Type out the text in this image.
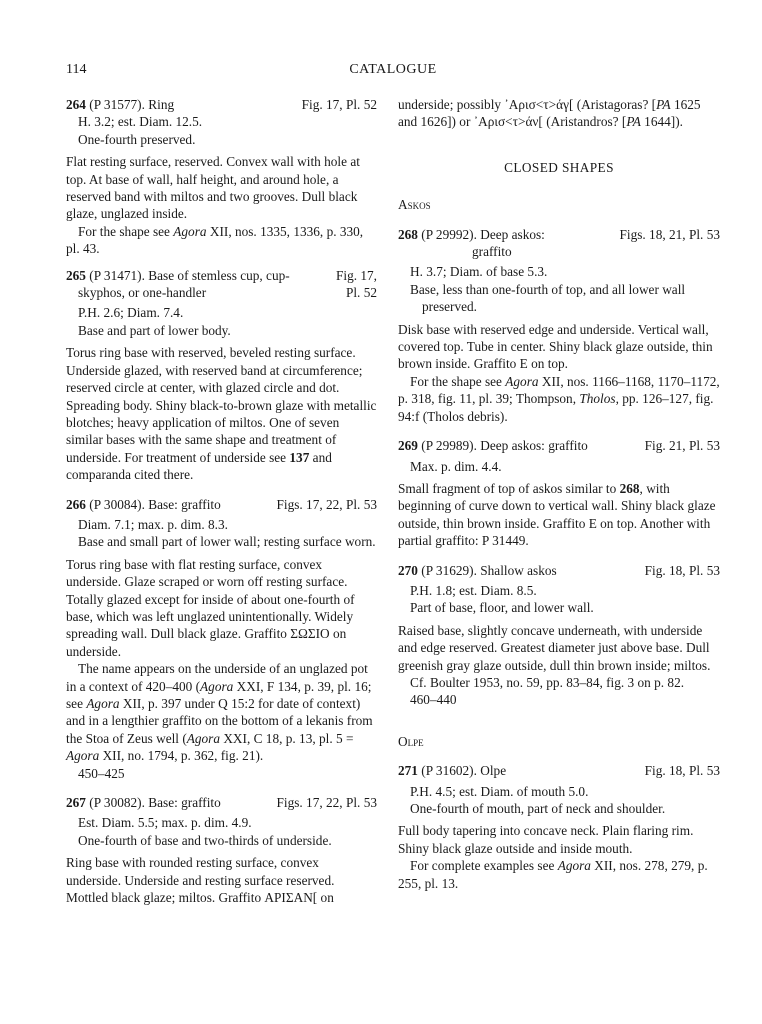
114	CATALOGUE
264 (P 31577). Ring	Fig. 17, Pl. 52

H. 3.2; est. Diam. 12.5.

One-fourth preserved.

Flat resting surface, reserved. Convex wall with hole at top. At base of wall, half height, and around hole, a reserved band with miltos and two grooves. Dull black glaze, unglazed inside.

For the shape see Agora XII, nos. 1335, 1336, p. 330, pl. 43.

265 (P 31471). Base of stemless cup, cup-	Fig. 17,
skyphos, or one-handler	Pl. 52

P.H. 2.6; Diam. 7.4.

Base and part of lower body.

Torus ring base with reserved, beveled resting surface. Underside glazed, with reserved band at circumference; reserved circle at center, with glazed circle and dot. Spreading body. Shiny black-to-brown glaze with metallic blotches; heavy application of miltos. One of seven similar bases with the same shape and treatment of underside. For treatment of underside see 137 and comparanda cited there.

266 (P 30084). Base: graffito	Figs. 17, 22, Pl. 53

Diam. 7.1; max. p. dim. 8.3.

Base and small part of lower wall; resting surface worn.

Torus ring base with flat resting surface, convex underside. Glaze scraped or worn off resting surface. Totally glazed except for inside of about one-fourth of base, which was left unglazed unintentionally. Widely spreading wall. Dull black glaze. Graffito ΣΩΣΙΟ on underside.

The name appears on the underside of an unglazed pot in a context of 420–400 (Agora XXI, F 134, p. 39, pl. 16; see Agora XII, p. 397 under Q 15:2 for date of context) and in a lengthier graffito on the bottom of a lekanis from the Stoa of Zeus well (Agora XXI, C 18, p. 13, pl. 5 = Agora XII, no. 1794, p. 362, fig. 21).

450–425

267 (P 30082). Base: graffito	Figs. 17, 22, Pl. 53

Est. Diam. 5.5; max. p. dim. 4.9.

One-fourth of base and two-thirds of underside.

Ring base with rounded resting surface, convex underside. Underside and resting surface reserved. Mottled black glaze; miltos. Graffito ΑΡΙΣΑΝ[ on

underside; possibly ᾿Αρισ<τ>άγ[ (Aristagoras? [PA 1625 and 1626]) or ᾿Αρισ<τ>άν[ (Aristandros? [PA 1644]).

CLOSED SHAPES

Askos

268 (P 29992). Deep askos:	Figs. 18, 21, Pl. 53

graffito

H. 3.7; Diam. of base 5.3.

Base, less than one-fourth of top, and all lower wall preserved.

Disk base with reserved edge and underside. Vertical wall, covered top. Tube in center. Shiny black glaze outside, thin brown inside. Graffito Ε on top.

For the shape see Agora XII, nos. 1166–1168, 1170–1172, p. 318, fig. 11, pl. 39; Thompson, Tholos, pp. 126–127, fig. 94:f (Tholos debris).

269 (P 29989). Deep askos: graffito	Fig. 21, Pl. 53

Max. p. dim. 4.4.

Small fragment of top of askos similar to 268, with beginning of curve down to vertical wall. Shiny black glaze outside, thin brown inside. Graffito Ε on top. Another with partial graffito: P 31449.

270 (P 31629). Shallow askos	Fig. 18, Pl. 53

P.H. 1.8; est. Diam. 8.5.

Part of base, floor, and lower wall.

Raised base, slightly concave underneath, with underside and edge reserved. Greatest diameter just above base. Dull greenish gray glaze outside, dull thin brown inside; miltos.

Cf. Boulter 1953, no. 59, pp. 83–84, fig. 3 on p. 82.

460–440

Olpe

271 (P 31602). Olpe	Fig. 18, Pl. 53

P.H. 4.5; est. Diam. of mouth 5.0.

One-fourth of mouth, part of neck and shoulder.

Full body tapering into concave neck. Plain flaring rim. Shiny black glaze outside and inside mouth.

For complete examples see Agora XII, nos. 278, 279, p. 255, pl. 13.
